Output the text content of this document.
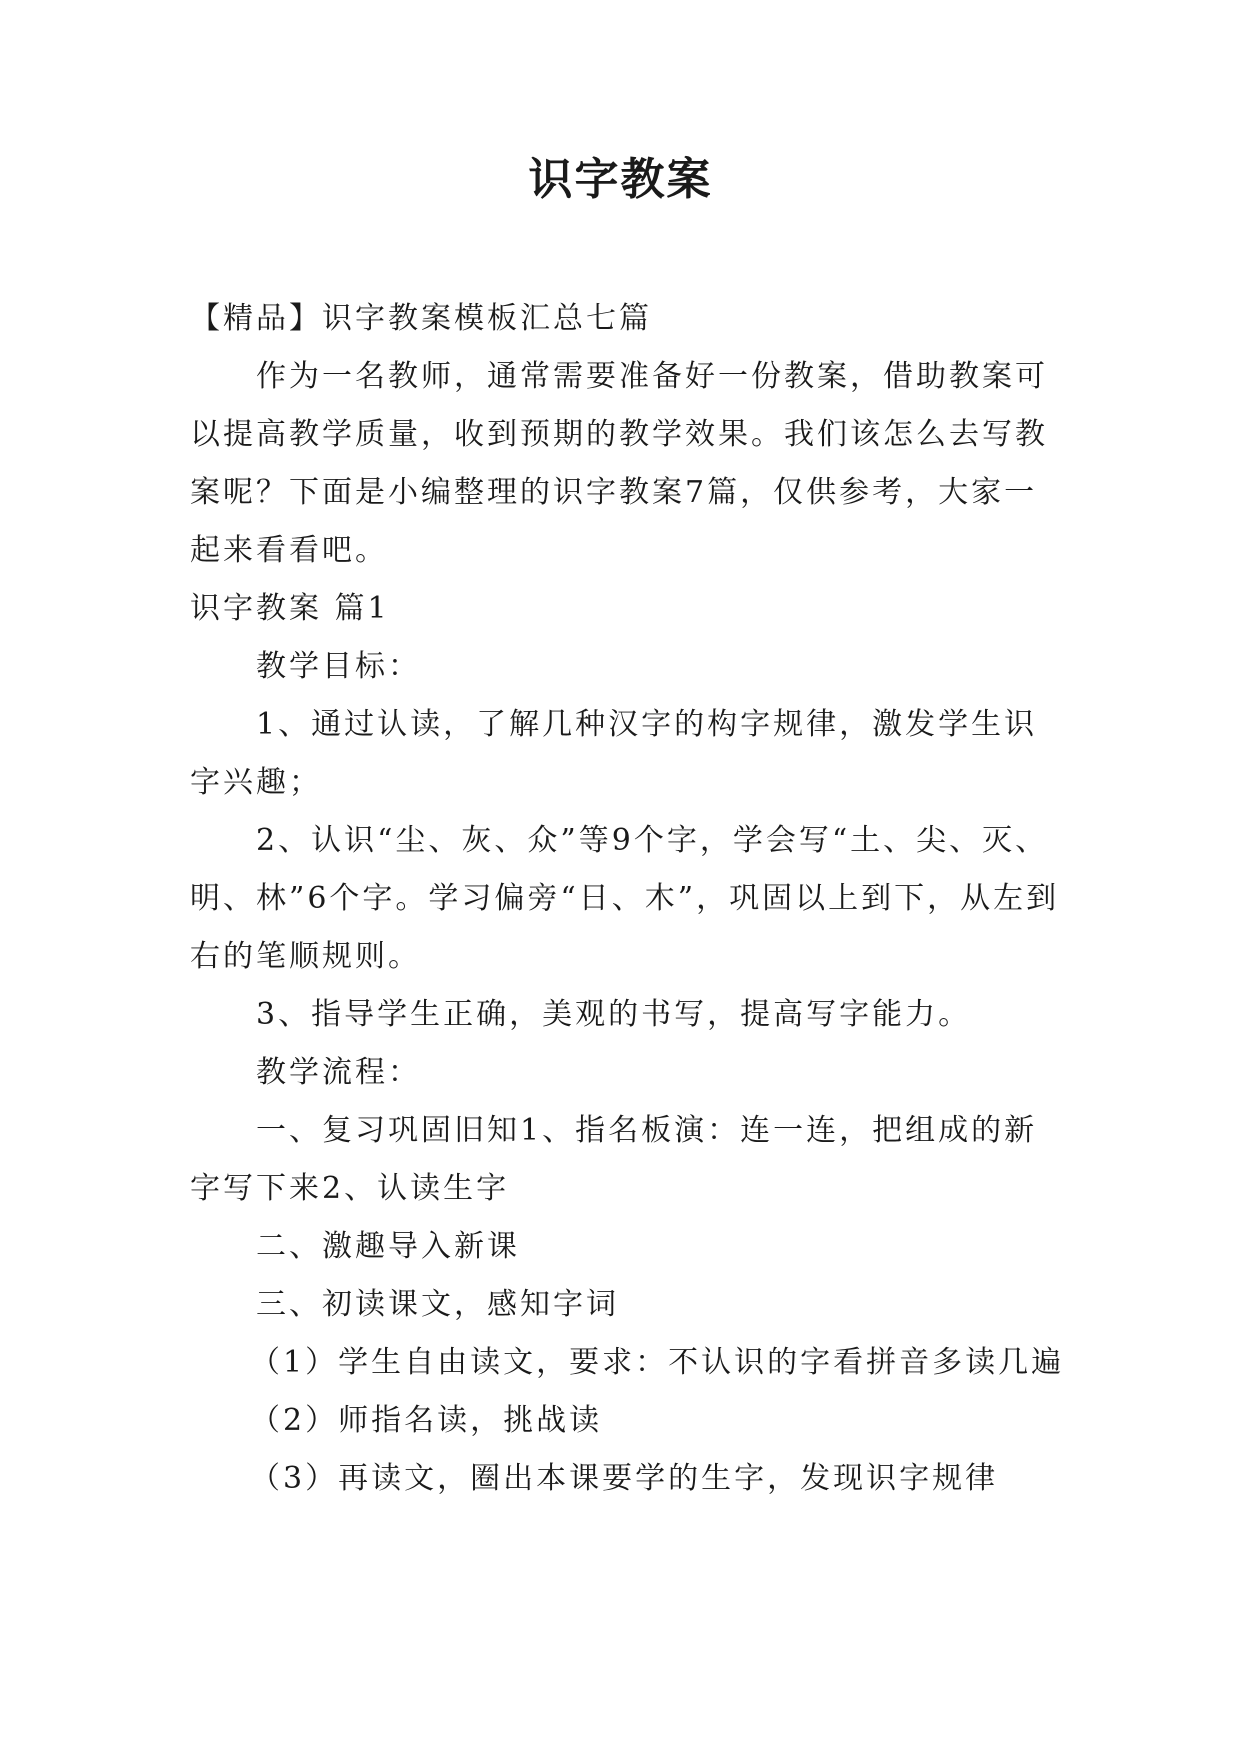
识字教案

【精品】识字教案模板汇总七篇

作为一名教师，通常需要准备好一份教案，借助教案可以提高教学质量，收到预期的教学效果。我们该怎么去写教案呢？下面是小编整理的识字教案7篇，仅供参考，大家一起来看看吧。

识字教案 篇1

教学目标：

1、通过认读，了解几种汉字的构字规律，激发学生识字兴趣；

2、认识“尘、灰、众”等9个字，学会写“土、尖、灭、明、林”6个字。学习偏旁“日、木”，巩固以上到下，从左到右的笔顺规则。

3、指导学生正确，美观的书写，提高写字能力。

教学流程：

一、复习巩固旧知1、指名板演：连一连，把组成的新字写下来2、认读生字

二、激趣导入新课

三、初读课文，感知字词

（1）学生自由读文，要求：不认识的字看拼音多读几遍

（2）师指名读，挑战读

（3）再读文，圈出本课要学的生字，发现识字规律
